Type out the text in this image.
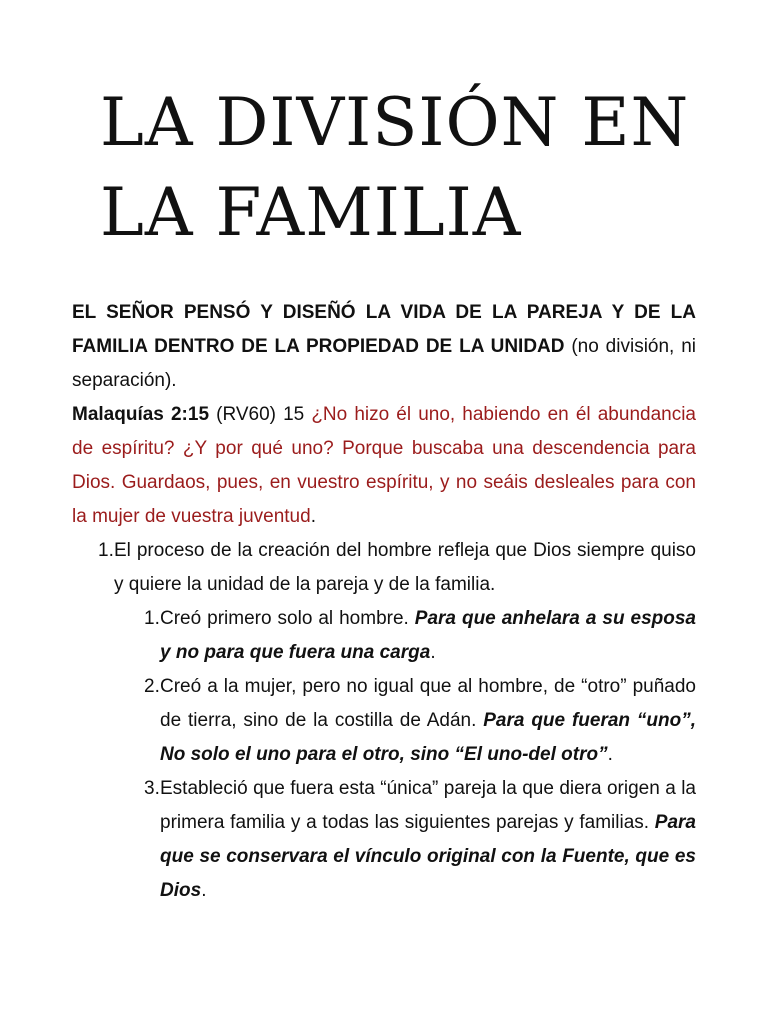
LA DIVISIÓN EN
LA FAMILIA

EL SEÑOR PENSÓ Y DISEÑÓ LA VIDA DE LA PAREJA Y DE LA FAMILIA DENTRO DE LA PROPIEDAD DE LA UNIDAD (no división, ni separación).

Malaquías 2:15 (RV60) 15 ¿No hizo él uno, habiendo en él abundancia de espíritu? ¿Y por qué uno? Porque buscaba una descendencia para Dios. Guardaos, pues, en vuestro espíritu, y no seáis desleales para con la mujer de vuestra juventud.

1. El proceso de la creación del hombre refleja que Dios siempre quiso y quiere la unidad de la pareja y de la familia.
1. Creó primero solo al hombre. Para que anhelara a su esposa y no para que fuera una carga.
2. Creó a la mujer, pero no igual que al hombre, de “otro” puñado de tierra, sino de la costilla de Adán. Para que fueran “uno”, No solo el uno para el otro, sino “El uno-del otro”.
3. Estableció que fuera esta “única” pareja la que diera origen a la primera familia y a todas las siguientes parejas y familias. Para que se conservara el vínculo original con la Fuente, que es Dios.
